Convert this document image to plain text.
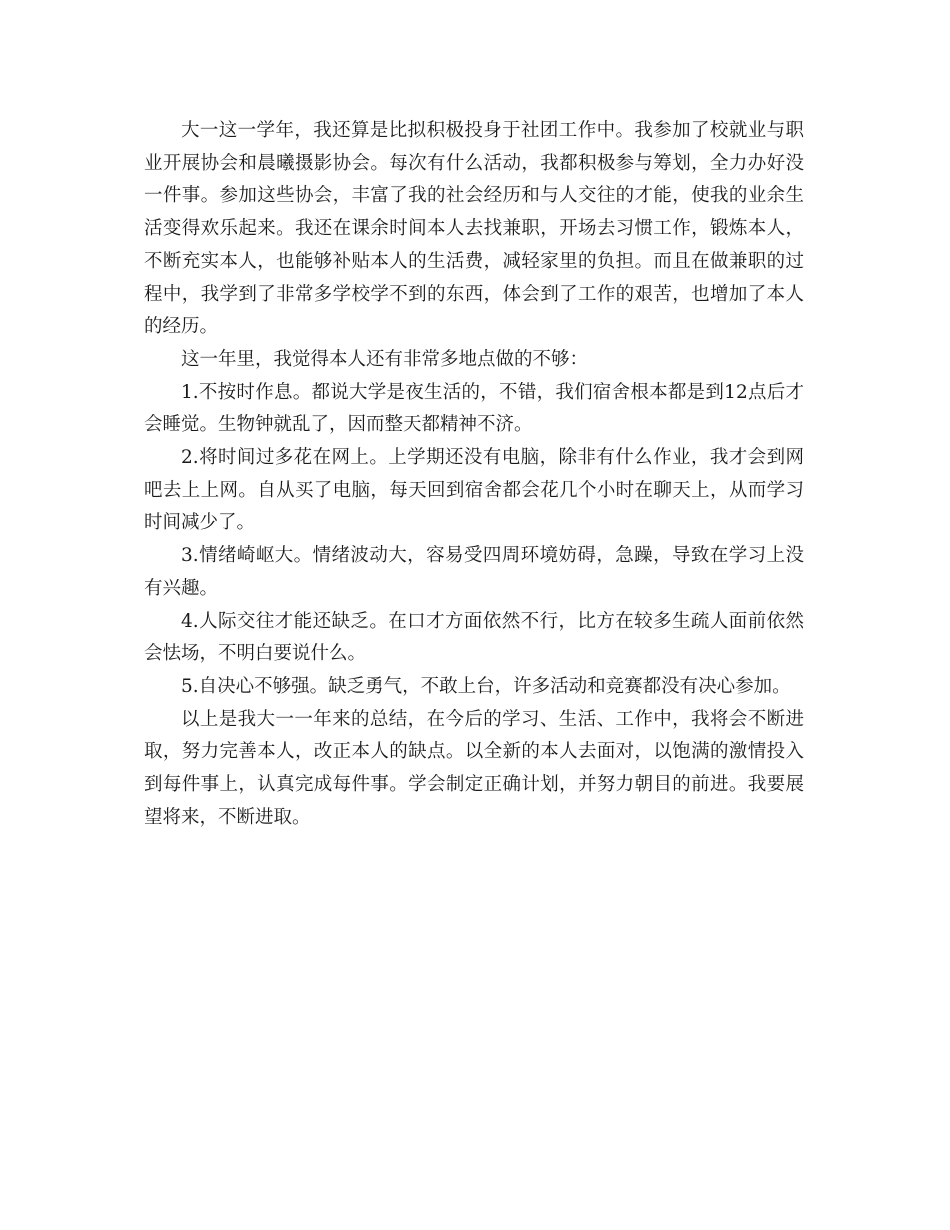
大一这一学年，我还算是比拟积极投身于社团工作中。我参加了校就业与职业开展协会和晨曦摄影协会。每次有什么活动，我都积极参与筹划，全力办好没一件事。参加这些协会，丰富了我的社会经历和与人交往的才能，使我的业余生活变得欢乐起来。我还在课余时间本人去找兼职，开场去习惯工作，锻炼本人，不断充实本人，也能够补贴本人的生活费，减轻家里的负担。而且在做兼职的过程中，我学到了非常多学校学不到的东西，体会到了工作的艰苦，也增加了本人的经历。

这一年里，我觉得本人还有非常多地点做的不够：

1.不按时作息。都说大学是夜生活的，不错，我们宿舍根本都是到12点后才会睡觉。生物钟就乱了，因而整天都精神不济。

2.将时间过多花在网上。上学期还没有电脑，除非有什么作业，我才会到网吧去上上网。自从买了电脑，每天回到宿舍都会花几个小时在聊天上，从而学习时间减少了。

3.情绪崎岖大。情绪波动大，容易受四周环境妨碍，急躁，导致在学习上没有兴趣。

4.人际交往才能还缺乏。在口才方面依然不行，比方在较多生疏人面前依然会怯场，不明白要说什么。

5.自决心不够强。缺乏勇气，不敢上台，许多活动和竞赛都没有决心参加。

以上是我大一一年来的总结，在今后的学习、生活、工作中，我将会不断进取，努力完善本人，改正本人的缺点。以全新的本人去面对，以饱满的激情投入到每件事上，认真完成每件事。学会制定正确计划，并努力朝目的前进。我要展望将来，不断进取。
